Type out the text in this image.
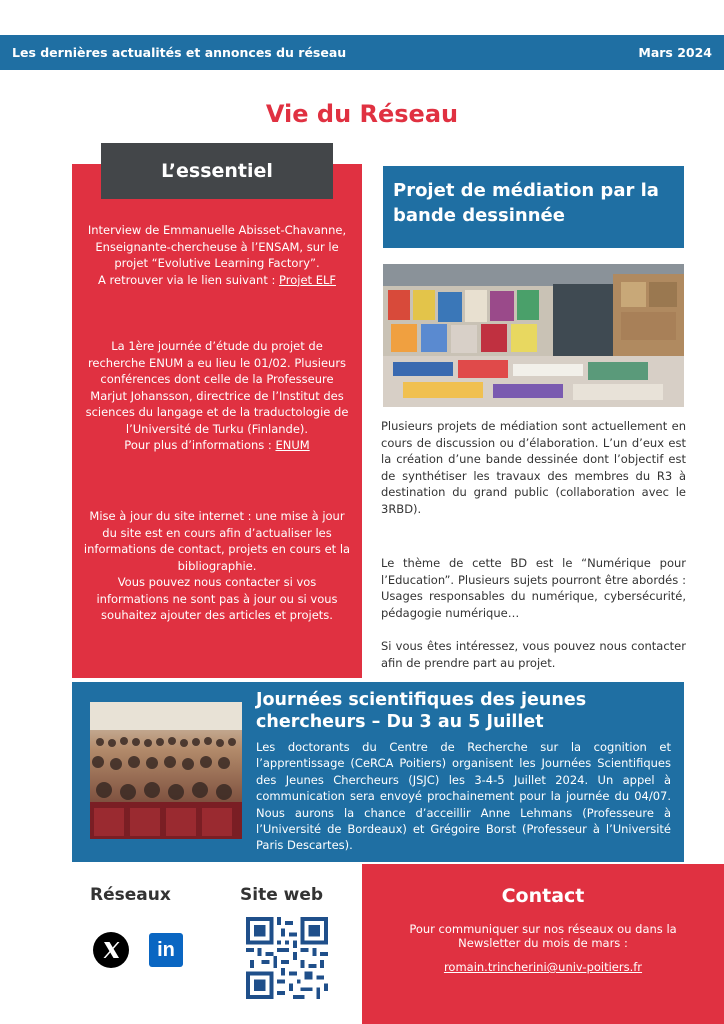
Les dernières actualités et annonces du réseau	Mars 2024
Vie du Réseau
L’essentiel
Interview de Emmanuelle Abisset-Chavanne, Enseignante-chercheuse à l’ENSAM, sur le projet “Evolutive Learning Factory”.
A retrouver via le lien suivant : Projet ELF
La 1ère journée d’étude du projet de recherche ENUM a eu lieu le 01/02. Plusieurs conférences dont celle de la Professeure Marjut Johansson, directrice de l’Institut des sciences du langage et de la traductologie de l’Université de Turku (Finlande).
Pour plus d’informations : ENUM
Mise à jour du site internet : une mise à jour du site est en cours afin d’actualiser les informations de contact, projets en cours et la bibliographie.
Vous pouvez nous contacter si vos informations ne sont pas à jour ou si vous souhaitez ajouter des articles et projets.
Projet de médiation par la bande dessinnée
Plusieurs projets de médiation sont actuellement en cours de discussion ou d’élaboration. L’un d’eux est la création d’une bande dessinée dont l’objectif est de synthétiser les travaux des membres du R3 à destination du grand public (collaboration avec le 3RBD).
Le thème de cette BD est le “Numérique pour l’Education”. Plusieurs sujets pourront être abordés : Usages responsables du numérique, cybersécurité, pédagogie numérique…
Si vous êtes intéressez, vous pouvez nous contacter afin de prendre part au projet.
Journées scientifiques des jeunes chercheurs – Du 3 au 5 Juillet
Les doctorants du Centre de Recherche sur la cognition et l’apprentissage (CeRCA Poitiers) organisent les Journées Scientifiques des Jeunes Chercheurs (JSJC) les 3-4-5 Juillet 2024. Un appel à communication sera envoyé prochainement pour la journée du 04/07. Nous aurons la chance d’acceillir Anne Lehmans (Professeure à l’Université de Bordeaux) et Grégoire Borst (Professeur à l’Université Paris Descartes).
Réseaux	Site web
in
Contact
Pour communiquer sur nos réseaux ou dans la Newsletter du mois de mars :
romain.trincherini@univ-poitiers.fr
